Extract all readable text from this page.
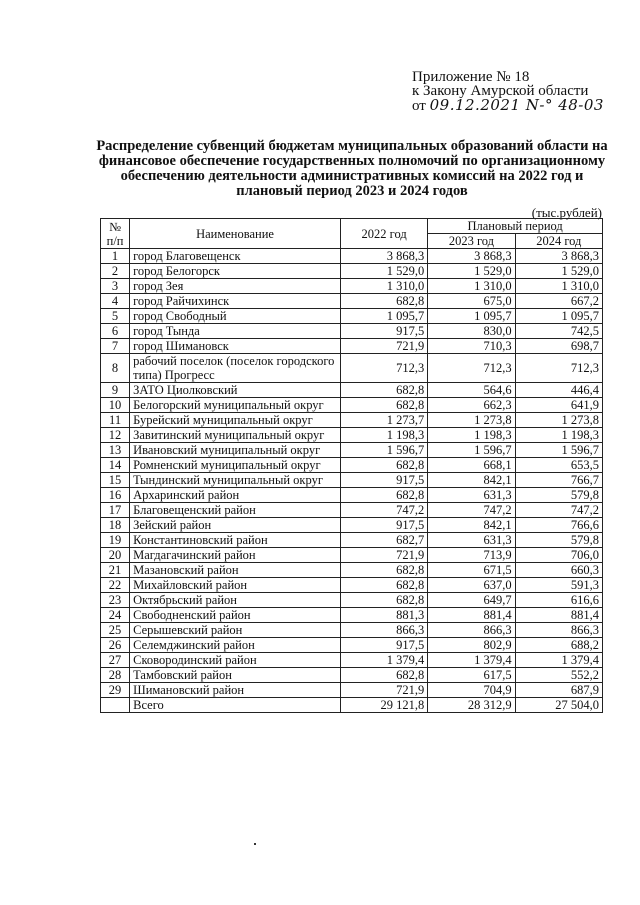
Приложение № 18
к Закону Амурской области
от 09.12.2021 N-° 48-03
Распределение субвенций бюджетам муниципальных образований области на финансовое обеспечение государственных полномочий по организационному обеспечению деятельности административных комиссий на 2022 год и плановый период 2023 и 2024 годов
(тыс.рублей)
№ п/п	Наименование	2022 год	Плановый период	
			2023 год	2024 год
1	город Благовещенск	3 868,3	3 868,3	3 868,3
2	город Белогорск	1 529,0	1 529,0	1 529,0
3	город Зея	1 310,0	1 310,0	1 310,0
4	город Райчихинск	682,8	675,0	667,2
5	город Свободный	1 095,7	1 095,7	1 095,7
6	город Тында	917,5	830,0	742,5
7	город Шимановск	721,9	710,3	698,7
8	рабочий поселок (поселок городского типа) Прогресс	712,3	712,3	712,3
9	ЗАТО Циолковский	682,8	564,6	446,4
10	Белогорский муниципальный округ	682,8	662,3	641,9
11	Бурейский муниципальный округ	1 273,7	1 273,8	1 273,8
12	Завитинский муниципальный округ	1 198,3	1 198,3	1 198,3
13	Ивановский муниципальный округ	1 596,7	1 596,7	1 596,7
14	Ромненский муниципальный округ	682,8	668,1	653,5
15	Тындинский муниципальный округ	917,5	842,1	766,7
16	Архаринский район	682,8	631,3	579,8
17	Благовещенский район	747,2	747,2	747,2
18	Зейский район	917,5	842,1	766,6
19	Константиновский район	682,7	631,3	579,8
20	Магдагачинский район	721,9	713,9	706,0
21	Мазановский район	682,8	671,5	660,3
22	Михайловский район	682,8	637,0	591,3
23	Октябрьский район	682,8	649,7	616,6
24	Свободненский район	881,3	881,4	881,4
25	Серышевский район	866,3	866,3	866,3
26	Селемджинский район	917,5	802,9	688,2
27	Сковородинский район	1 379,4	1 379,4	1 379,4
28	Тамбовский район	682,8	617,5	552,2
29	Шимановский район	721,9	704,9	687,9
	Всего	29 121,8	28 312,9	27 504,0
